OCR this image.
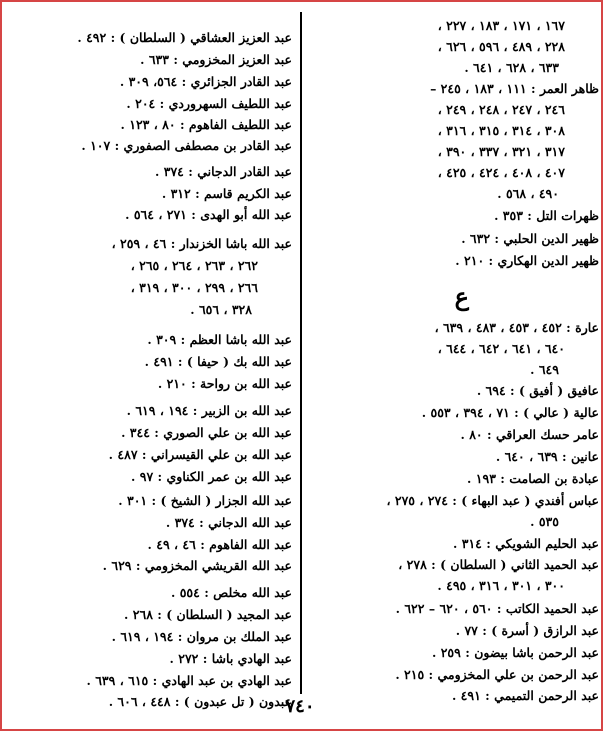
١٦٧ ، ١٧١ ، ١٨٣ ، ٢٢٧ ،
٢٢٨ ، ٤٨٩ ، ٥٩٦ ، ٦٢٦ ،
٦٣٣ ، ٦٢٨ ، ٦٤١ .
ظاهر العمر : ١١١ ، ١٨٣ ، ٢٤٥ –
٢٤٦ ، ٢٤٧ ، ٢٤٨ ، ٢٤٩ ،
٣٠٨ ، ٣١٤ ، ٣١٥ ، ٣١٦ ،
٣١٧ ، ٣٢١ ، ٣٣٧ ، ٣٩٠ ،
٤٠٧ ، ٤٠٨ ، ٤٢٤ ، ٤٢٥ ،
٤٩٠ ، ٥٦٨ .
ظهرات التل : ٣٥٣ .
ظهير الدين الحلبي : ٦٣٢ .
ظهير الدين الهكاري : ٢١٠ .
ع
عارة : ٤٥٢ ، ٤٥٣ ، ٤٨٣ ، ٦٣٩ ،
٦٤٠ ، ٦٤١ ، ٦٤٢ ، ٦٤٤ ،
٦٤٩ .
عافيق ( أفيق ) : ٦٩٤ .
عالية ( عالي ) : ٧١ ، ٣٩٤ ، ٥٥٣ .
عامر حسك العراقي : ٨٠ .
عانين : ٦٣٩ ، ٦٤٠ .
عبادة بن الصامت : ١٩٣ .
عباس أفندي ( عبد البهاء ) : ٢٧٤ ، ٢٧٥ ،
٥٣٥ .
عبد الحليم الشويكي : ٣١٤ .
عبد الحميد الثاني ( السلطان ) : ٢٧٨ ،
٣٠٠ ، ٣٠١ ، ٣١٦ ، ٤٩٥ .
عبد الحميد الكاتب : ٥٦٠ ، ٦٢٠ – ٦٢٢ .
عبد الرازق ( أسرة ) : ٧٧ .
عبد الرحمن باشا بيضون : ٢٥٩ .
عبد الرحمن بن علي المخزومي : ٢١٥ .
عبد الرحمن التميمي : ٤٩١ .
عبد العزيز العشاقي ( السلطان ) : ٤٩٢ .
عبد العزيز المخزومي : ٦٣٣ .
عبد القادر الجزائري : ٥٦٤، ٣٠٩ .
عبد اللطيف السهروردي : ٢٠٤ .
عبد اللطيف الفاهوم : ٨٠ ، ١٢٣ .
عبد القادر بن مصطفى الصفوري : ١٠٧ .
عبد القادر الدجاني : ٣٧٤ .
عبد الكريم قاسم : ٣١٢ .
عبد الله أبو الهدى : ٢٧١ ، ٥٦٤ .
عبد الله باشا الخزندار : ٤٦ ، ٢٥٩ ،
٢٦٢ ، ٢٦٣ ، ٢٦٤ ، ٢٦٥ ،
٢٦٦ ، ٢٩٩ ، ٣٠٠ ، ٣١٩ ،
٣٢٨ ، ٦٥٦ .
عبد الله باشا العظم : ٣٠٩ .
عبد الله بك ( حيفا ) : ٤٩١ .
عبد الله بن رواحة : ٢١٠ .
عبد الله بن الزبير : ١٩٤ ، ٦١٩ .
عبد الله بن علي الصوري : ٣٤٤ .
عبد الله بن علي القيسراني : ٤٨٧ .
عبد الله بن عمر الكناوي : ٩٧ .
عبد الله الجزار ( الشيخ ) : ٣٠١ .
عبد الله الدجاني : ٣٧٤ .
عبد الله الفاهوم : ٤٦ ، ٤٩ .
عبد الله القريشي المخزومي : ٦٢٩ .
عبد الله مخلص : ٥٥٤ .
عبد المجيد ( السلطان ) : ٢٦٨ .
عبد الملك بن مروان : ١٩٤ ، ٦١٩ .
عبد الهادي باشا : ٢٧٢ .
عبد الهادي بن عبد الهادي : ٦١٥ ، ٦٣٩ .
عبدون ( تل عبدون ) : ٤٤٨ ، ٦٠٦ .
٧٤٠
